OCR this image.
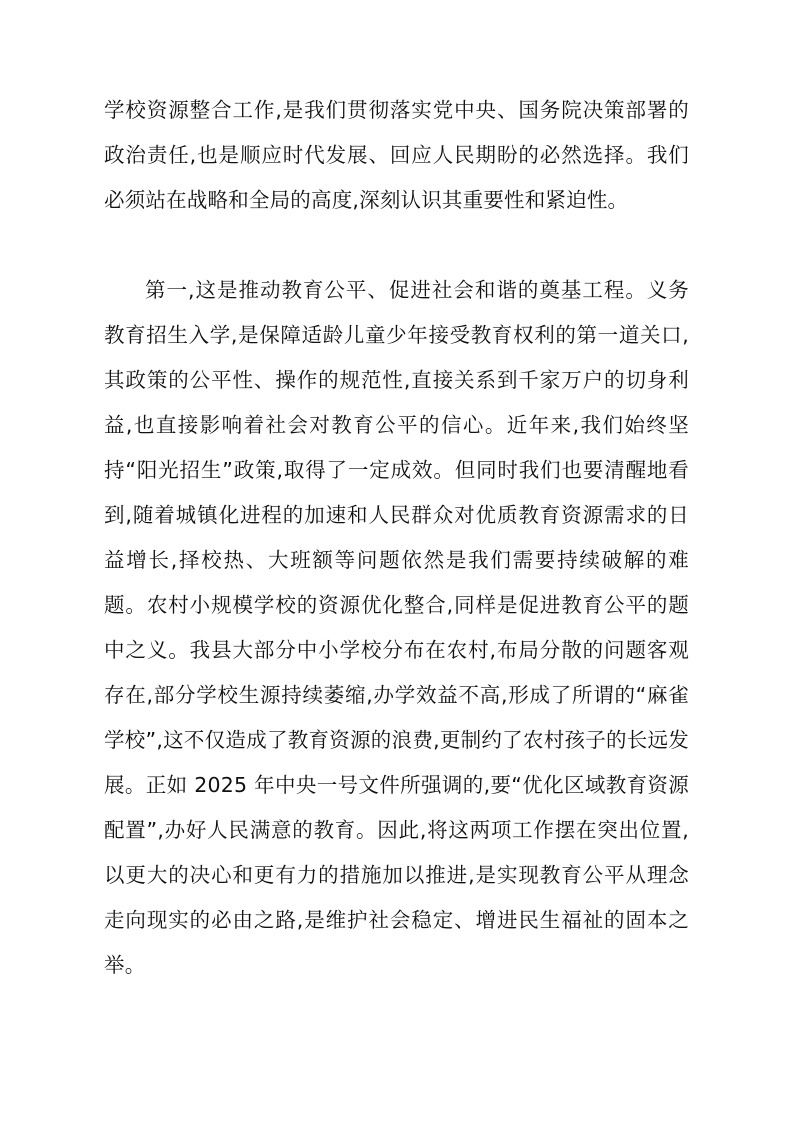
学校资源整合工作,是我们贯彻落实党中央、国务院决策部署的政治责任,也是顺应时代发展、回应人民期盼的必然选择。我们必须站在战略和全局的高度,深刻认识其重要性和紧迫性。

第一,这是推动教育公平、促进社会和谐的奠基工程。义务教育招生入学,是保障适龄儿童少年接受教育权利的第一道关口,其政策的公平性、操作的规范性,直接关系到千家万户的切身利益,也直接影响着社会对教育公平的信心。近年来,我们始终坚持“阳光招生”政策,取得了一定成效。但同时我们也要清醒地看到,随着城镇化进程的加速和人民群众对优质教育资源需求的日益增长,择校热、大班额等问题依然是我们需要持续破解的难题。农村小规模学校的资源优化整合,同样是促进教育公平的题中之义。我县大部分中小学校分布在农村,布局分散的问题客观存在,部分学校生源持续萎缩,办学效益不高,形成了所谓的“麻雀学校”,这不仅造成了教育资源的浪费,更制约了农村孩子的长远发展。正如 2025 年中央一号文件所强调的,要“优化区域教育资源配置”,办好人民满意的教育。因此,将这两项工作摆在突出位置,以更大的决心和更有力的措施加以推进,是实现教育公平从理念走向现实的必由之路,是维护社会稳定、增进民生福祉的固本之举。
